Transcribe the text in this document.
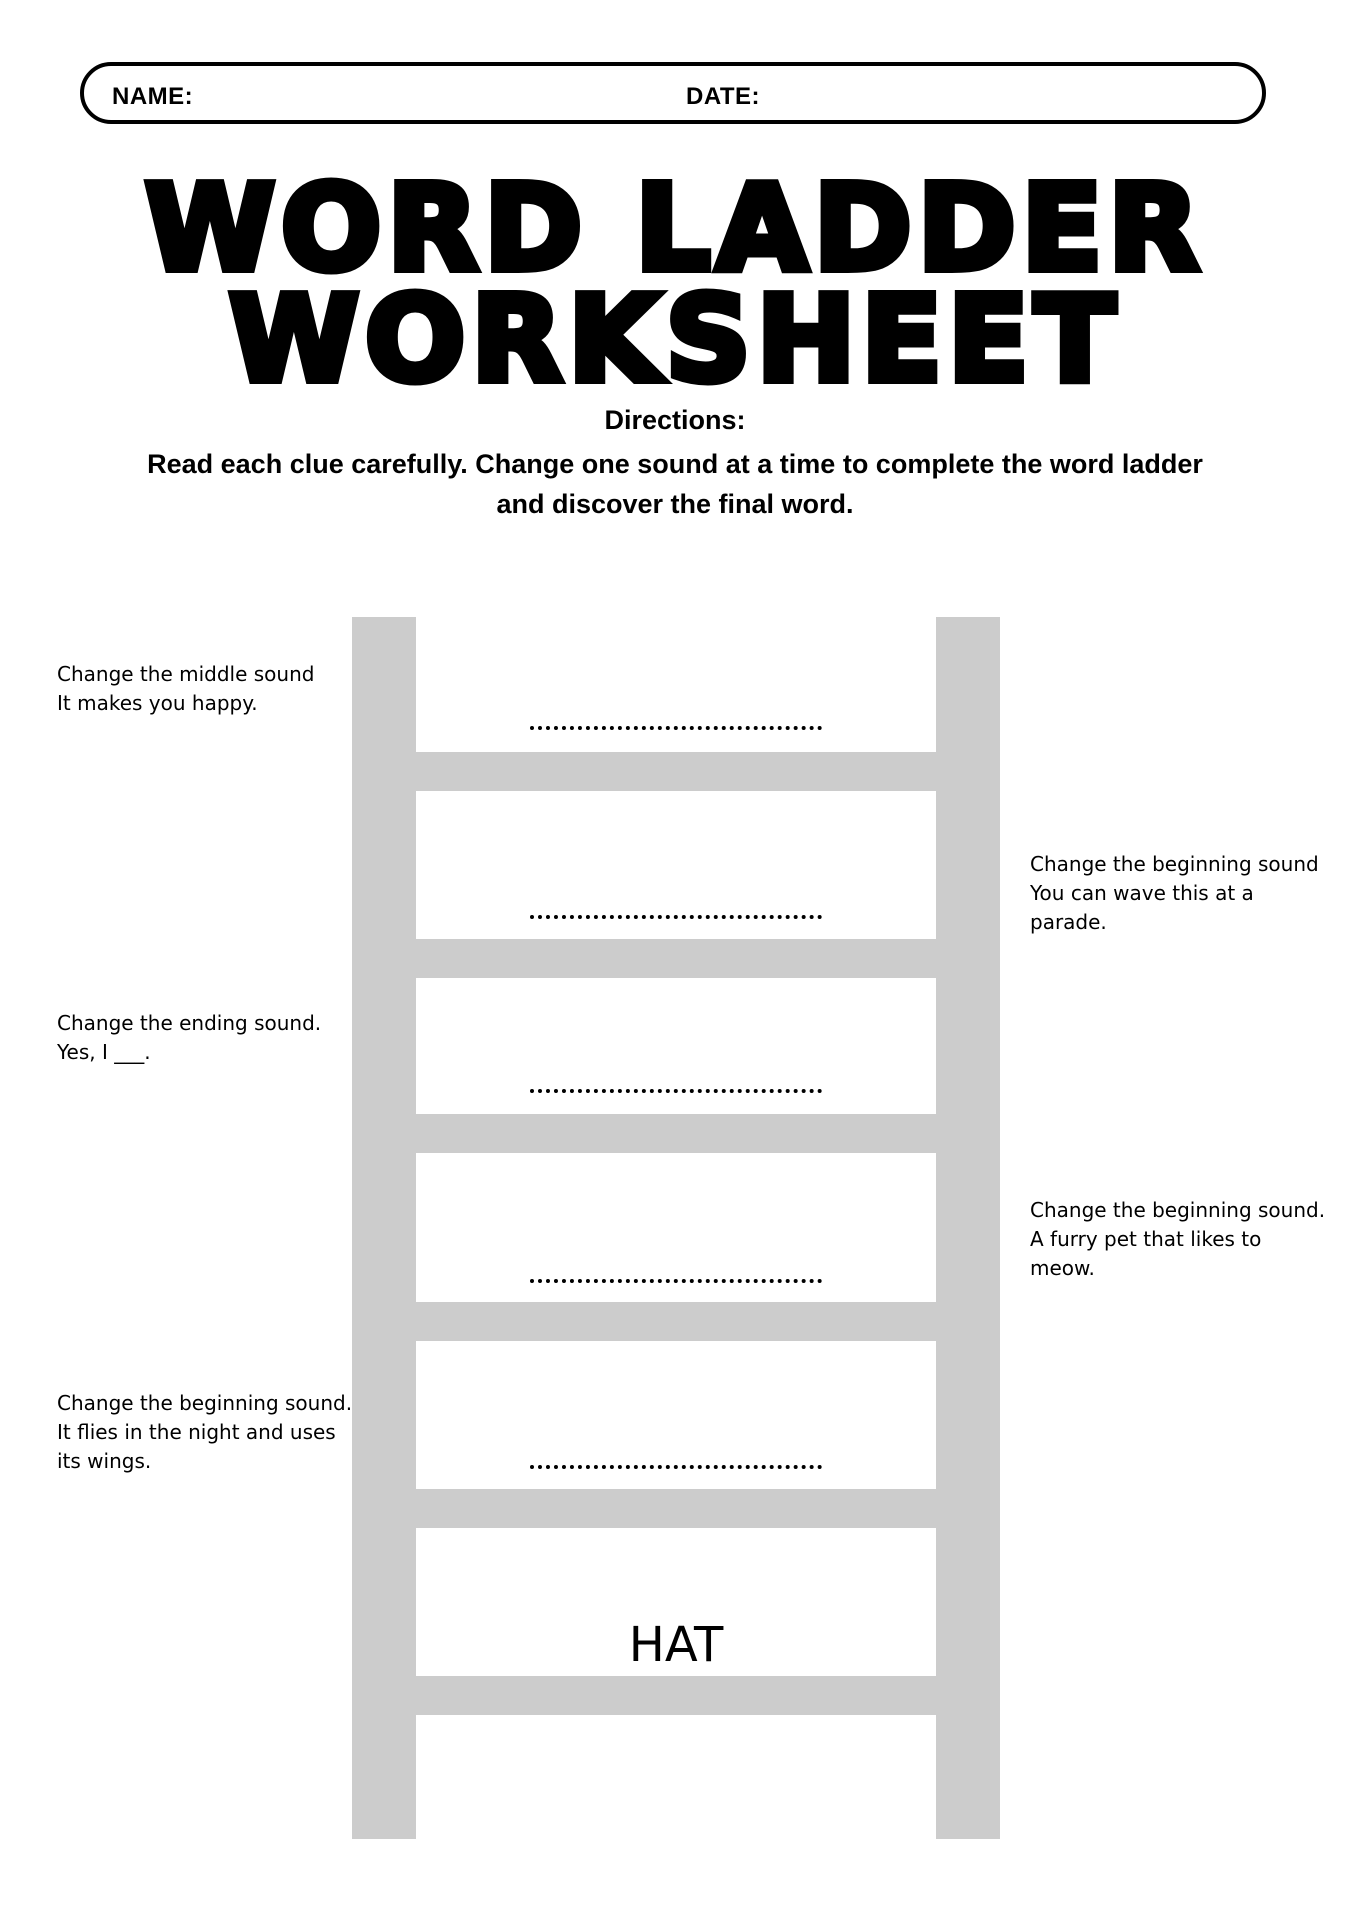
NAME:	DATE:
WORD LADDER
WORKSHEET
Directions:
Read each clue carefully. Change one sound at a time to complete the word ladder
and discover the final word.
HAT
Change the middle sound
It makes you happy.
Change the beginning sound
You can wave this at a parade.
Change the ending sound.
Yes, I ___.
Change the beginning sound.
A furry pet that likes to meow.
Change the beginning sound.
It flies in the night and uses
its wings.
